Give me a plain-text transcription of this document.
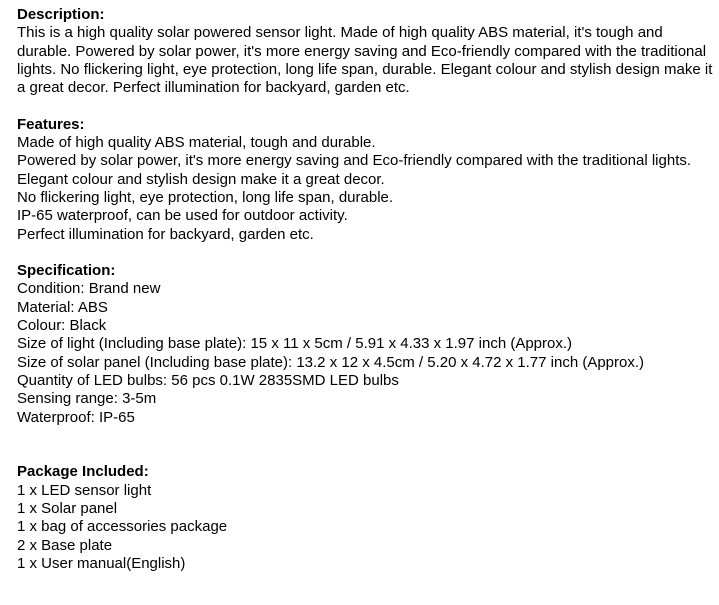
Description:
This is a high quality solar powered sensor light. Made of high quality ABS material, it's tough and durable. Powered by solar power, it's more energy saving and Eco-friendly compared with the traditional lights. No flickering light, eye protection, long life span, durable. Elegant colour and stylish design make it a great decor. Perfect illumination for backyard, garden etc.
Features:
Made of high quality ABS material, tough and durable.
Powered by solar power, it's more energy saving and Eco-friendly compared with the traditional lights.
Elegant colour and stylish design make it a great decor.
No flickering light, eye protection, long life span, durable.
IP-65 waterproof, can be used for outdoor activity.
Perfect illumination for backyard, garden etc.
Specification:
Condition: Brand new
Material: ABS
Colour: Black
Size of light (Including base plate): 15 x 11 x 5cm / 5.91 x 4.33 x 1.97 inch (Approx.)
Size of solar panel (Including base plate): 13.2 x 12 x 4.5cm / 5.20 x 4.72 x 1.77 inch (Approx.)
Quantity of LED bulbs: 56 pcs 0.1W 2835SMD LED bulbs
Sensing range: 3-5m
Waterproof: IP-65
Package Included:
1 x LED sensor light
1 x Solar panel
1 x bag of accessories package
2 x Base plate
1 x User manual(English)
